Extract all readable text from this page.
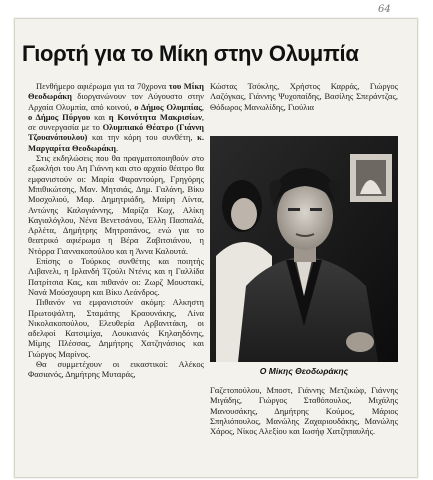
64
Γιορτή για το Μίκη στην Ολυμπία

Πενθήμερο αφιέρωμα για τα 70χρονα του Μίκη Θεοδωράκη διοργανώνουν τον Αύγουστο στην Αρχαία Ολυμπία, από κοινού, ο Δήμος Ολυμπίας, ο Δήμος Πύργου και η Κοινότητα Μακρισίων, σε συνεργασία με το Ολυμπιακό Θέατρο (Γιάννη Τζουανόπουλου) και την κόρη του συνθέτη, κ. Μαργαρίτα Θεοδωράκη.

Στις εκδηλώσεις που θα πραγματοποιηθούν στο εξωκλήσι του Αη Γιάννη και στο αρχαίο θέατρο θα εμφανιστούν οι: Μαρία Φαραντούρη, Γρηγόρης Μπιθικώτσης, Μαν. Μητσιάς, Δημ. Γαλάνη, Βίκυ Μοσχολιού, Μαρ. Δημητριάδη, Μαίρη Λίντα, Αντώνης Καλογιάννης, Μαρίζα Κωχ, Αλίκη Καγιαλόγλου, Νένα Βενετσάνου, Έλλη Πασπαλά, Αρλέτα, Δημήτρης Μητροπάνος, ενώ για το θεατρικό αφιέρωμα η Βέρα Ζαβιτσιάνου, η Ντόρρα Γιαννακοπούλου και η Άννα Καλουτά.

Επίσης ο Τούρκος συνθέτης και ποιητής Λιβανελι, η Ιρλανδή Τζούλι Ντένις και η Γαλλίδα Πατρίτσια Κας, και πιθανόν οι: Ζωρζ Μουστακί, Νανά Μούσχουρη και Βίκυ Λεάνδρος.

Πιθανόν να εμφανιστούν ακόμη: Αλκηστη Πρωτοψάλτη, Σταμάτης Κραουνάκης, Λίνα Νικολακοπούλου, Ελευθερία Αρβανιτάκη, οι αδελφοί Κατσιμίχα, Λουκιανός Κηλαηδόνης, Μίμης Πλέσσας, Δημήτρης Χατζηνάσιος και Γιώργος Μαρίνος.

Θα συμμετέχουν οι εικαστικοί: Αλέκος Φασιανός, Δημήτρης Μυταράς,

Κώστας Τσόκλης, Χρήστος Καρράς, Γιώργος Λαζόγκας, Γιάννης Ψυχοπαίδης, Βασίλης Σπεράντζας, Θόδωρος Μανωλίδης, Γιούλια

Ο Μίκης Θεοδωράκης

Γαζετοπούλου, Μποστ, Γιάννης Μετζικώφ, Γιάννης Μιγάδης, Γιώργος Σταθόπουλος, Μιχάλης Μανουσάκης, Δημήτρης Κούμος, Μάριος Σπηλιόπουλος, Μανώλης Ζαχαριουδάκης, Μανώλης Χάρος, Νίκος Αλεξίου και Ιωσήφ Χατζηπαυλής.
